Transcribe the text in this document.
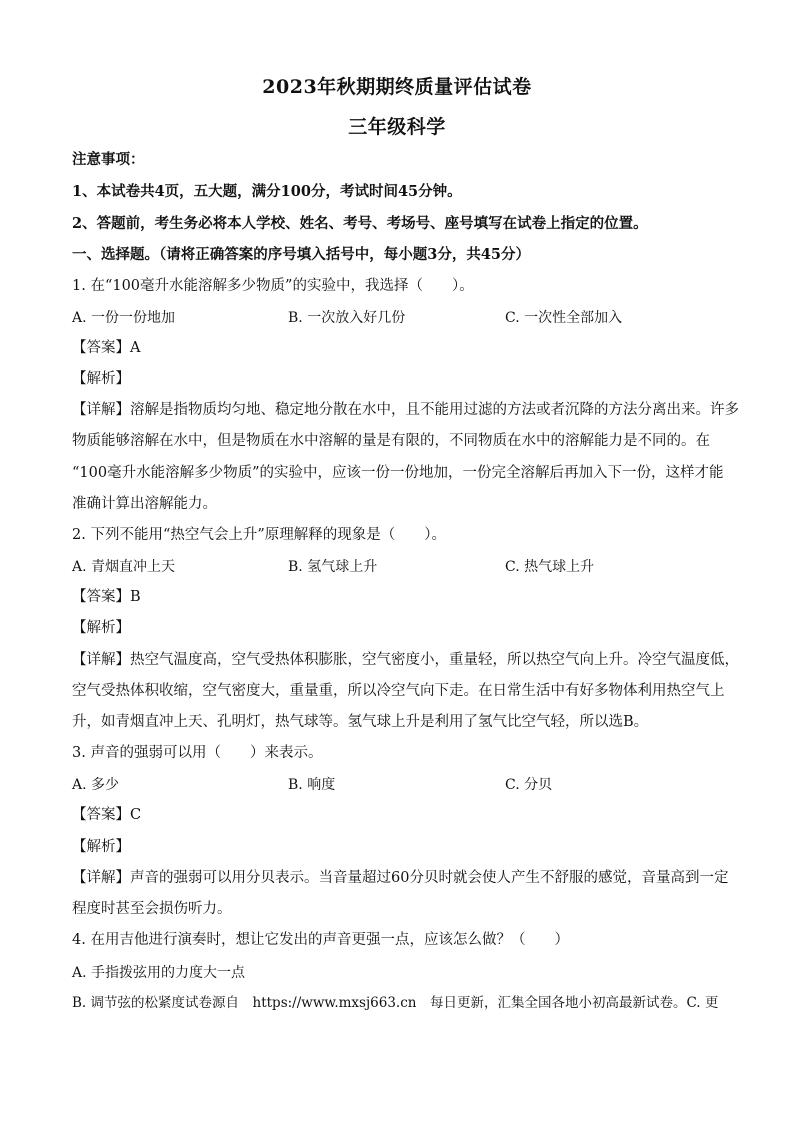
2023年秋期期终质量评估试卷
三年级科学
注意事项：
1、本试卷共4页，五大题，满分100分，考试时间45分钟。
2、答题前，考生务必将本人学校、姓名、考号、考场号、座号填写在试卷上指定的位置。
一、选择题。（请将正确答案的序号填入括号中，每小题3分，共45分）
1. 在“100毫升水能溶解多少物质”的实验中，我选择（　　）。
A. 一份一份地加	B. 一次放入好几份	C. 一次性全部加入
【答案】A
【解析】
【详解】溶解是指物质均匀地、稳定地分散在水中，且不能用过滤的方法或者沉降的方法分离出来。许多
物质能够溶解在水中，但是物质在水中溶解的量是有限的，不同物质在水中的溶解能力是不同的。在
“100毫升水能溶解多少物质”的实验中，应该一份一份地加，一份完全溶解后再加入下一份，这样才能
准确计算出溶解能力。
2. 下列不能用“热空气会上升”原理解释的现象是（　　）。
A. 青烟直冲上天	B. 氢气球上升	C. 热气球上升
【答案】B
【解析】
【详解】热空气温度高，空气受热体积膨胀，空气密度小，重量轻，所以热空气向上升。冷空气温度低，
空气受热体积收缩，空气密度大，重量重，所以冷空气向下走。在日常生活中有好多物体利用热空气上
升，如青烟直冲上天、孔明灯，热气球等。氢气球上升是利用了氢气比空气轻，所以选B。
3. 声音的强弱可以用（　　）来表示。
A. 多少	B. 响度	C. 分贝
【答案】C
【解析】
【详解】声音的强弱可以用分贝表示。当音量超过60分贝时就会使人产生不舒服的感觉，音量高到一定
程度时甚至会损伤听力。
4. 在用吉他进行演奏时，想让它发出的声音更强一点，应该怎么做？（　　）
A. 手指拨弦用的力度大一点
B. 调节弦的松紧度试卷源自　https://www.mxsj663.cn　每日更新，汇集全国各地小初高最新试卷。C. 更
